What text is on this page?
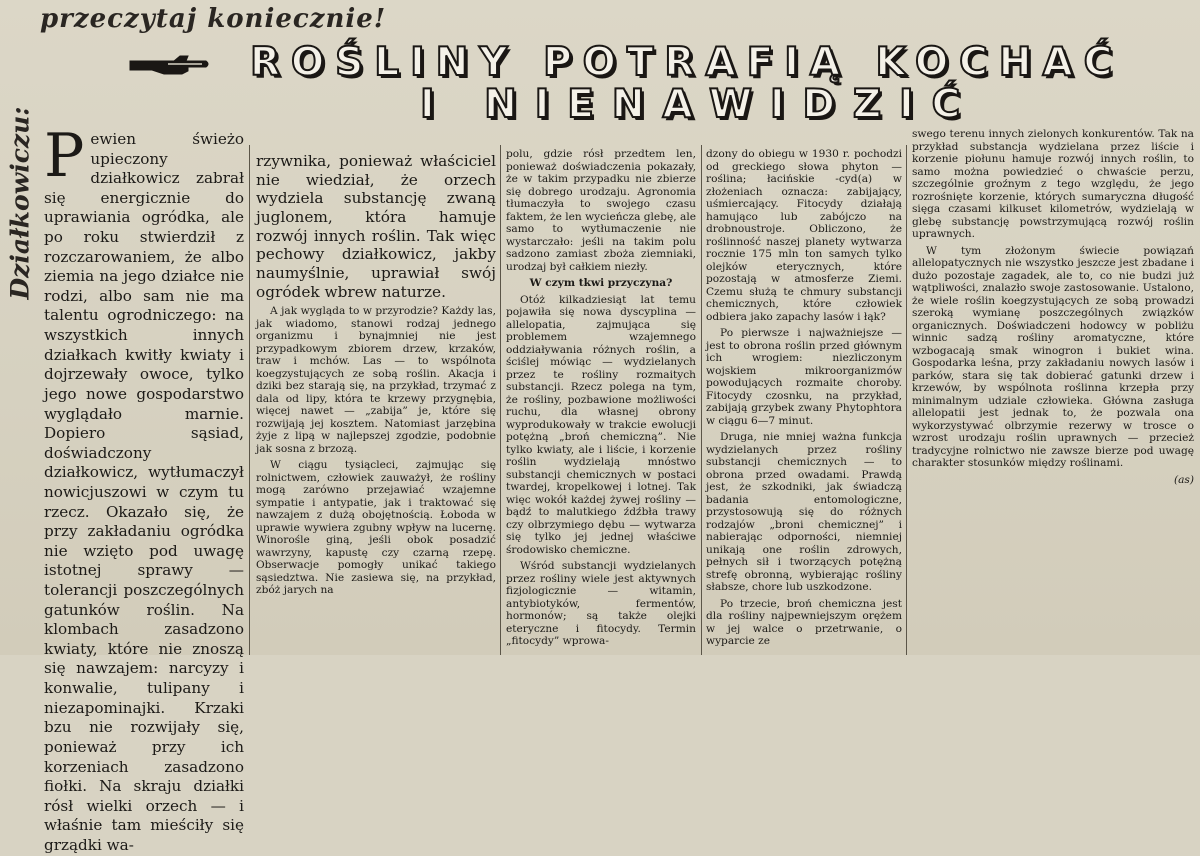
przeczytaj koniecznie!
Działkowiczu:
ROŚLINY POTRAFIĄ KOCHAĆ
I NIENAWIDZIĆ

Pewien świeżo upieczony działkowicz zabrał się energicznie do uprawiania ogródka, ale po roku stwierdził z rozczarowaniem, że albo ziemia na jego działce nie rodzi, albo sam nie ma talentu ogrodniczego: na wszystkich innych działkach kwitły kwiaty i dojrzewały owoce, tylko jego nowe gospodarstwo wyglądało marnie. Dopiero sąsiad, doświadczony działkowicz, wytłumaczył nowicjuszowi w czym tu rzecz. Okazało się, że przy zakładaniu ogródka nie wzięto pod uwagę istotnej sprawy — tolerancji poszczególnych gatunków roślin. Na klombach zasadzono kwiaty, które nie znoszą się nawzajem: narcyzy i konwalie, tulipany i niezapominajki. Krzaki bzu nie rozwijały się, ponieważ przy ich korzeniach zasadzono fiołki. Na skraju działki rósł wielki orzech — i właśnie tam mieściły się grządki wa-

rzywnika, ponieważ właściciel nie wiedział, że orzech wydziela substancję zwaną juglonem, która hamuje rozwój innych roślin. Tak więc pechowy działkowicz, jakby naumyślnie, uprawiał swój ogródek wbrew naturze.

A jak wygląda to w przyrodzie? Każdy las, jak wiadomo, stanowi rodzaj jednego organizmu i bynajmniej nie jest przypadkowym zbiorem drzew, krzaków, traw i mchów. Las — to wspólnota koegzystujących ze sobą roślin. Akacja i dziki bez starają się, na przykład, trzymać z dala od lipy, która te krzewy przygnębia, więcej nawet — „zabija” je, które się rozwijają jej kosztem. Natomiast jarzębina żyje z lipą w najlepszej zgodzie, podobnie jak sosna z brzozą.

W ciągu tysiącleci, zajmując się rolnictwem, człowiek zauważył, że rośliny mogą zarówno przejawiać wzajemne sympatie i antypatie, jak i traktować się nawzajem z dużą obojętnością. Łoboda w uprawie wywiera zgubny wpływ na lucernę. Winorośle giną, jeśli obok posadzić wawrzyny, kapustę czy czarną rzepę. Obserwacje pomogły unikać takiego sąsiedztwa. Nie zasiewa się, na przykład, zbóż jarych na

polu, gdzie rósł przedtem len, ponieważ doświadczenia pokazały, że w takim przypadku nie zbierze się dobrego urodzaju. Agronomia tłumaczyła to swojego czasu faktem, że len wycieńcza glebę, ale samo to wytłumaczenie nie wystarczało: jeśli na takim polu sadzono zamiast zboża ziemniaki, urodzaj był całkiem niezły.

W czym tkwi przyczyna?

Otóż kilkadziesiąt lat temu pojawiła się nowa dyscyplina — allelopatia, zajmująca się problemem wzajemnego oddziaływania różnych roślin, a ściślej mówiąc — wydzielanych przez te rośliny rozmaitych substancji. Rzecz polega na tym, że rośliny, pozbawione możliwości ruchu, dla własnej obrony wyprodukowały w trakcie ewolucji potężną „broń chemiczną”. Nie tylko kwiaty, ale i liście, i korzenie roślin wydzielają mnóstwo substancji chemicznych w postaci twardej, kropelkowej i lotnej. Tak więc wokół każdej żywej rośliny — bądź to malutkiego źdźbła trawy czy olbrzymiego dębu — wytwarza się tylko jej jednej właściwe środowisko chemiczne.

Wśród substancji wydzielanych przez rośliny wiele jest aktywnych fizjologicznie — witamin, antybiotyków, fermentów, hormonów; są także olejki eteryczne i fitocydy. Termin „fitocydy” wprowa-

dzony do obiegu w 1930 r. pochodzi od greckiego słowa phyton — roślina; łacińskie -cyd(a) w złożeniach oznacza: zabijający, uśmiercający. Fitocydy działają hamująco lub zabójczo na drobnoustroje. Obliczono, że roślinność naszej planety wytwarza rocznie 175 mln ton samych tylko olejków eterycznych, które pozostają w atmosferze Ziemi. Czemu służą te chmury substancji chemicznych, które człowiek odbiera jako zapachy lasów i łąk?

Po pierwsze i najważniejsze — jest to obrona roślin przed głównym ich wrogiem: niezliczonym wojskiem mikroorganizmów powodujących rozmaite choroby. Fitocydy czosnku, na przykład, zabijają grzybek zwany Phytophtora w ciągu 6—7 minut.

Druga, nie mniej ważna funkcja wydzielanych przez rośliny substancji chemicznych — to obrona przed owadami. Prawdą jest, że szkodniki, jak świadczą badania entomologiczne, przystosowują się do różnych rodzajów „broni chemicznej” i nabierając odporności, niemniej unikają one roślin zdrowych, pełnych sił i tworzących potężną strefę obronną, wybierając rośliny słabsze, chore lub uszkodzone.

Po trzecie, broń chemiczna jest dla rośliny najpewniejszym orężem w jej walce o przetrwanie, o wyparcie ze

swego terenu innych zielonych konkurentów. Tak na przykład substancja wydzielana przez liście i korzenie piołunu hamuje rozwój innych roślin, to samo można powiedzieć o chwaście perzu, szczególnie groźnym z tego względu, że jego rozrośnięte korzenie, których sumaryczna długość sięga czasami kilkuset kilometrów, wydzielają w glebę substancję powstrzymującą rozwój roślin uprawnych.

W tym złożonym świecie powiązań allelopatycznych nie wszystko jeszcze jest zbadane i dużo pozostaje zagadek, ale to, co nie budzi już wątpliwości, znalazło swoje zastosowanie. Ustalono, że wiele roślin koegzystujących ze sobą prowadzi szeroką wymianę poszczególnych związków organicznych. Doświadczeni hodowcy w pobliżu winnic sadzą rośliny aromatyczne, które wzbogacają smak winogron i bukiet wina. Gospodarka leśna, przy zakładaniu nowych lasów i parków, stara się tak dobierać gatunki drzew i krzewów, by wspólnota roślinna krzepła przy minimalnym udziale człowieka. Główna zasługa allelopatii jest jednak to, że pozwala ona wykorzystywać olbrzymie rezerwy w trosce o wzrost urodzaju roślin uprawnych — przecież tradycyjne rolnictwo nie zawsze bierze pod uwagę charakter stosunków między roślinami.

(as)
